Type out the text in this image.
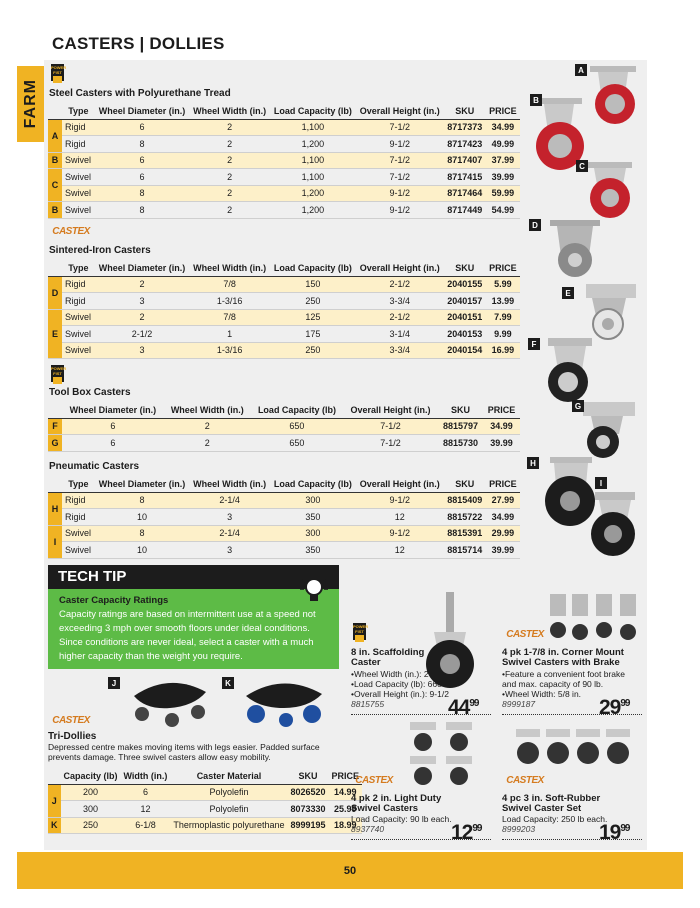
CASTERS | DOLLIES
FARM
POWER FIST
POWER FIST
POWER FIST
Steel Casters with Polyurethane Tread
	Type	Wheel Diameter (in.)	Wheel Width (in.)	Load Capacity (lb)	Overall Height (in.)	SKU	PRICE
A	Rigid	6	2	1,100	7-1/2	8717373	34.99
	Rigid	8	2	1,200	9-1/2	8717423	49.99
B	Swivel	6	2	1,100	7-1/2	8717407	37.99
C	Swivel	6	2	1,100	7-1/2	8717415	39.99
	Swivel	8	2	1,200	9-1/2	8717464	59.99
B	Swivel	8	2	1,200	9-1/2	8717449	54.99
CASTEX
Sintered-Iron Casters
	Type	Wheel Diameter (in.)	Wheel Width (in.)	Load Capacity (lb)	Overall Height (in.)	SKU	PRICE
D	Rigid	2	7/8	150	2-1/2	2040155	5.99
	Rigid	3	1-3/16	250	3-3/4	2040157	13.99
E	Swivel	2	7/8	125	2-1/2	2040151	7.99
	Swivel	2-1/2	1	175	3-1/4	2040153	9.99
	Swivel	3	1-3/16	250	3-3/4	2040154	16.99
Tool Box Casters
	Wheel Diameter (in.)	Wheel Width (in.)	Load Capacity (lb)	Overall Height (in.)	SKU	PRICE
F	6	2	650	7-1/2	8815797	34.99
G	6	2	650	7-1/2	8815730	39.99
Pneumatic Casters
	Type	Wheel Diameter (in.)	Wheel Width (in.)	Load Capacity (lb)	Overall Height (in.)	SKU	PRICE
H	Rigid	8	2-1/4	300	9-1/2	8815409	27.99
	Rigid	10	3	350	12	8815722	34.99
I	Swivel	8	2-1/4	300	9-1/2	8815391	29.99
	Swivel	10	3	350	12	8815714	39.99
TECH TIP
Caster Capacity Ratings
Capacity ratings are based on intermittent use at a speed not exceeding 3 mph over smooth floors under ideal conditions. Since conditions are never ideal, select a caster with a much higher capacity than the weight you require.
CASTEX
Tri-Dollies
Depressed centre makes moving items with legs easier. Padded surface prevents damage. Three swivel casters allow easy mobility.
	Capacity (lb)	Width (in.)	Caster Material	SKU	PRICE
J	200	6	Polyolefin	8026520	14.99
	300	12	Polyolefin	8073330	25.99
K	250	6-1/8	Thermoplastic polyurethane	8999195	18.99
A
B
C
D
E
F
G
H
I
J	K
8 in. Scaffolding Caster
•Wheel Width (in.): 2
•Load Capacity (lb): 660
•Overall Height (in.): 9-1/2
8815755	$44^{99}$
CASTEX
4 pk 1-7/8 in. Corner Mount Swivel Casters with Brake
•Feature a convenient foot brake and max. capacity of 90 lb.
•Wheel Width: 5/8 in.
8999187	$29^{99}$
CASTEX
4 pk 2 in. Light Duty Swivel Casters
Load Capacity: 90 lb each.
8937740	$12^{99}$
CASTEX
4 pc 3 in. Soft-Rubber Swivel Caster Set
Load Capacity: 250 lb each.
8999203	$19^{99}$
50
